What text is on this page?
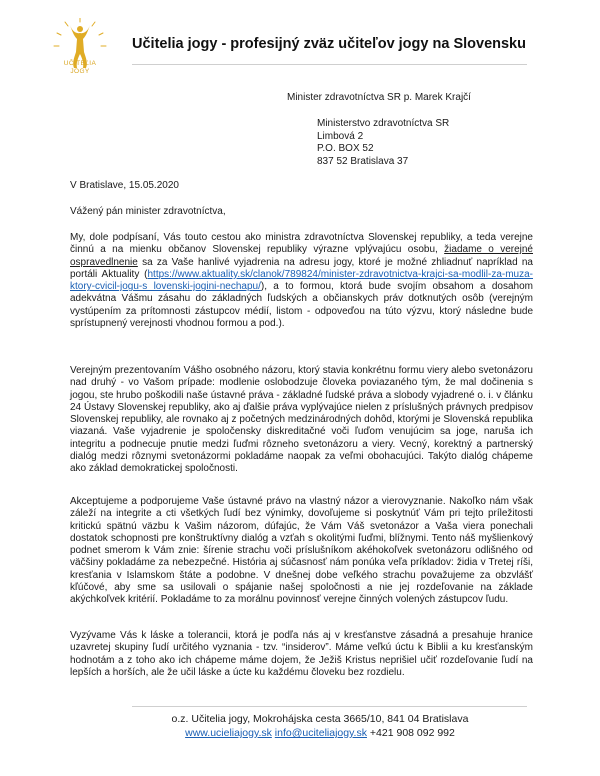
UČITEĽIA
JOGY
Učitelia jogy - profesijný zväz učiteľov jogy na Slovensku
Minister zdravotníctva SR p. Marek Krajčí
Ministerstvo zdravotníctva SR
Limbová 2
P.O. BOX 52
837 52 Bratislava 37
V Bratislave, 15.05.2020
Vážený pán minister zdravotníctva,
My, dole podpísaní, Vás touto cestou ako ministra zdravotníctva Slovenskej republiky, a teda verejne činnú a na mienku občanov Slovenskej republiky výrazne vplývajúcu osobu, žiadame o verejné ospravedlnenie sa za Vaše hanlivé vyjadrenia na adresu jogy, ktoré je možné zhliadnuť napríklad na portáli Aktuality (https://www.aktuality.sk/clanok/789824/minister-zdravotnictva-krajci-sa-modlil-za-muza-ktory-cvicil-jogu-s lovenski-jogini-nechapu/), a to formou, ktorá bude svojím obsahom a dosahom adekvátna Vášmu zásahu do základných ľudských a občianskych práv dotknutých osôb (verejným vystúpením za prítomnosti zástupcov médií, listom - odpoveďou na túto výzvu, ktorý následne bude sprístupnený verejnosti vhodnou formou a pod.).
Verejným prezentovaním Vášho osobného názoru, ktorý stavia konkrétnu formu viery alebo svetonázoru nad druhý - vo Vašom prípade: modlenie oslobodzuje človeka poviazaného tým, že mal dočinenia s jogou, ste hrubo poškodili naše ústavné práva - základné ľudské práva a slobody vyjadrené o. i. v článku 24 Ústavy Slovenskej republiky, ako aj ďalšie práva vyplývajúce nielen z príslušných právnych predpisov Slovenskej republiky, ale rovnako aj z početných medzinárodných dohôd, ktorými je Slovenská republika viazaná. Vaše vyjadrenie je spoločensky diskreditačné voči ľuďom venujúcim sa joge, naruša ich integritu a podnecuje pnutie medzi ľuďmi rôzneho svetonázoru a viery. Vecný, korektný a partnerský dialóg medzi rôznymi svetonázormi pokladáme naopak za veľmi obohacujúci. Takýto dialóg chápeme ako základ demokratickej spoločnosti.
Akceptujeme a podporujeme Vaše ústavné právo na vlastný názor a vierovyznanie. Nakoľko nám však záleží na integrite a cti všetkých ľudí bez výnimky, dovoľujeme si poskytnúť Vám pri tejto príležitosti kritickú spätnú väzbu k Vašim názorom, dúfajúc, že Vám Váš svetonázor a Vaša viera ponechali dostatok schopnosti pre konštruktívny dialóg a vzťah s okolitými ľuďmi, blížnymi. Tento náš myšlienkový podnet smerom k Vám znie: šírenie strachu voči príslušníkom akéhokoľvek svetonázoru odlišného od väčšiny pokladáme za nebezpečné. História aj súčasnosť nám ponúka veľa príkladov: židia v Tretej ríši, kresťania v Islamskom štáte a podobne. V dnešnej dobe veľkého strachu považujeme za obzvlášť kľúčové, aby sme sa usilovali o spájanie našej spoločnosti a nie jej rozdeľovanie na základe akýchkoľvek kritérií. Pokladáme to za morálnu povinnosť verejne činných volených zástupcov ľudu.
Vyzývame Vás k láske a tolerancii, ktorá je podľa nás aj v kresťanstve zásadná a presahuje hranice uzavretej skupiny ľudí určitého vyznania - tzv. “insiderov”. Máme veľkú úctu k Biblii a ku kresťanským hodnotám a z toho ako ich chápeme máme dojem, že Ježiš Kristus neprišiel učiť rozdeľovanie ľudí na lepších a horších, ale že učil láske a úcte ku každému človeku bez rozdielu.
o.z. Učitelia jogy, Mokrohájska cesta 3665/10, 841 04 Bratislava
www.ucieliajogy.sk info@uciteliajogy.sk +421 908 092 992
